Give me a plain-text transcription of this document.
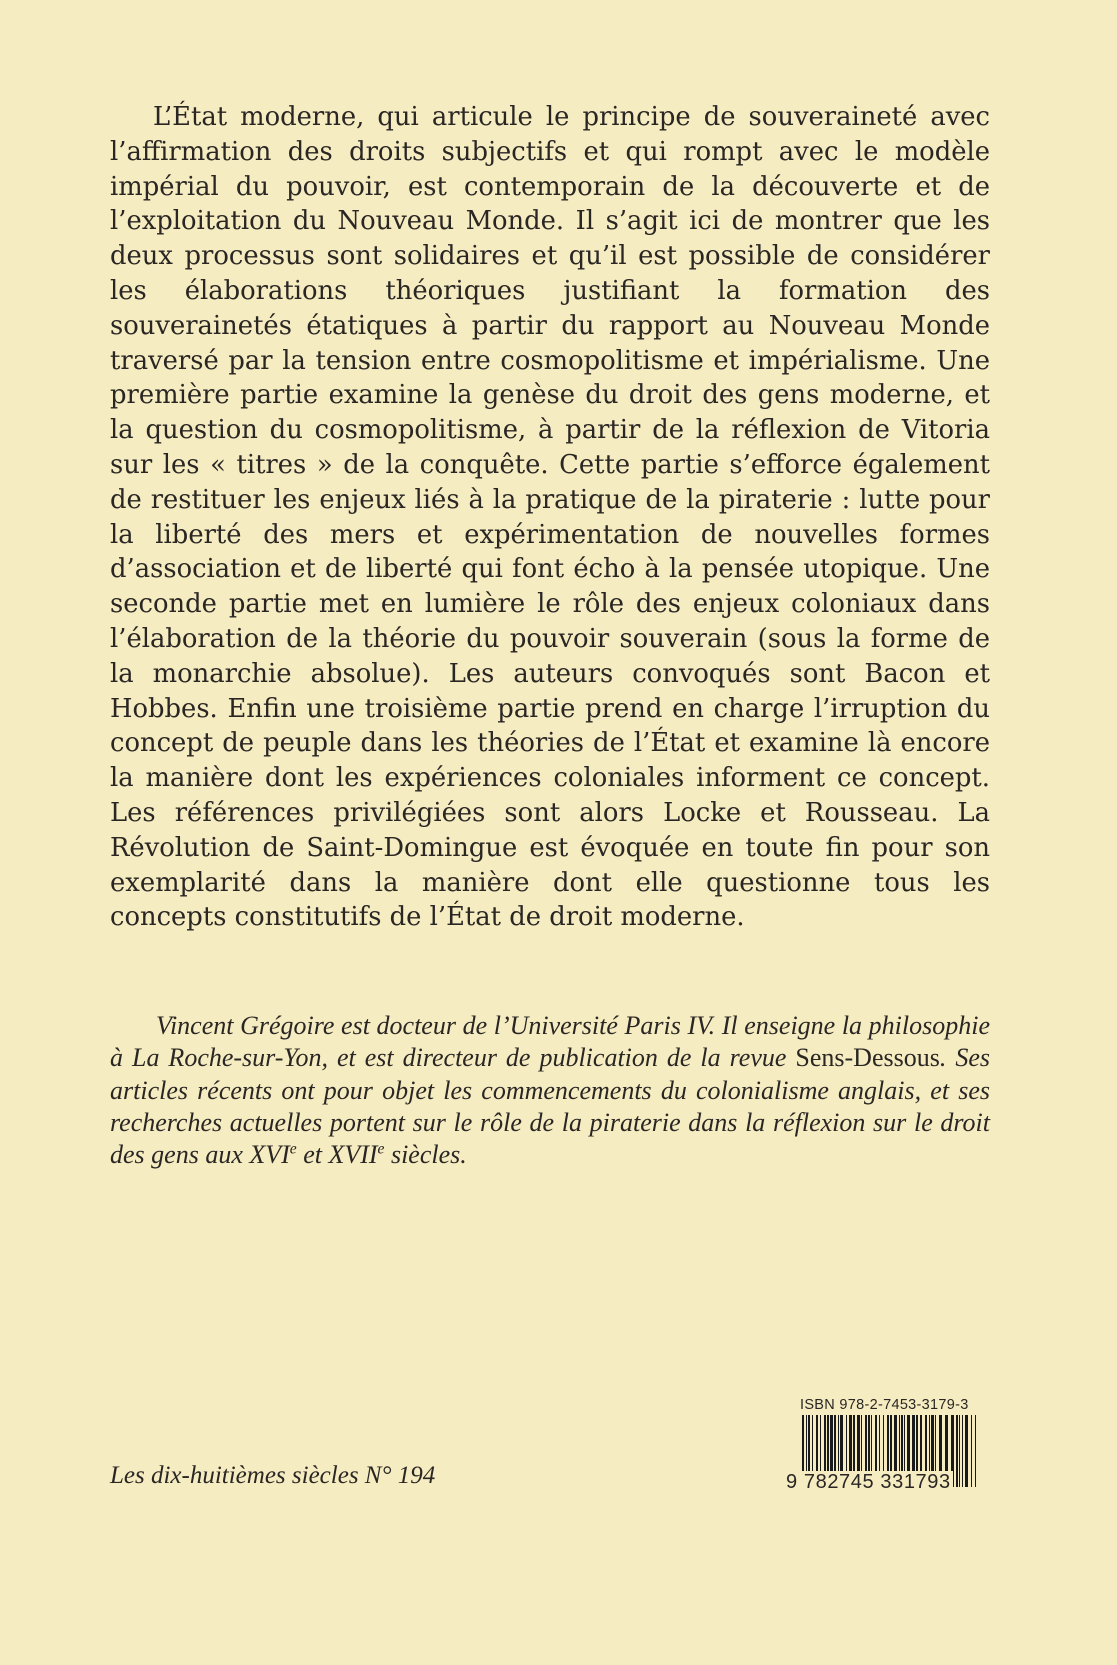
L’État moderne, qui articule le principe de souveraineté avec l’affirmation des droits subjectifs et qui rompt avec le modèle impérial du pouvoir, est contemporain de la découverte et de l’exploitation du Nouveau Monde. Il s’agit ici de montrer que les deux processus sont solidaires et qu’il est possible de considérer les élaborations théoriques justifiant la formation des souverainetés étatiques à partir du rapport au Nouveau Monde traversé par la tension entre cosmopolitisme et impérialisme. Une première partie examine la genèse du droit des gens moderne, et la question du cosmopolitisme, à partir de la réflexion de Vitoria sur les « titres » de la conquête. Cette partie s’efforce également de restituer les enjeux liés à la pratique de la piraterie : lutte pour la liberté des mers et expérimentation de nouvelles formes d’association et de liberté qui font écho à la pensée utopique. Une seconde partie met en lumière le rôle des enjeux coloniaux dans l’élaboration de la théorie du pouvoir souverain (sous la forme de la monarchie absolue). Les auteurs convoqués sont Bacon et Hobbes. Enfin une troisième partie prend en charge l’irruption du concept de peuple dans les théories de l’État et examine là encore la manière dont les expériences coloniales informent ce concept. Les références privilégiées sont alors Locke et Rousseau. La Révolution de Saint-Domingue est évoquée en toute fin pour son exemplarité dans la manière dont elle questionne tous les concepts constitutifs de l’État de droit moderne.

Vincent Grégoire est docteur de l’Université Paris IV. Il enseigne la philosophie à La Roche-sur-Yon, et est directeur de publication de la revue Sens-Dessous. Ses articles récents ont pour objet les commencements du colonialisme anglais, et ses recherches actuelles portent sur le rôle de la piraterie dans la réflexion sur le droit des gens aux XVIe et XVIIe siècles.

Les dix-huitièmes siècles N° 194
ISBN 978-2-7453-3179-3
9 782745 331793
